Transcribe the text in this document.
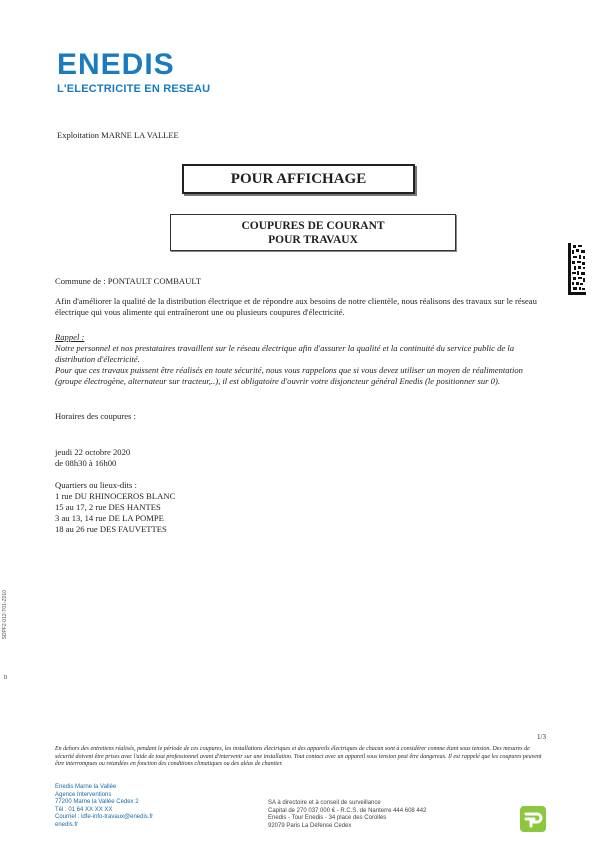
ENEDIS
L'ELECTRICITE EN RESEAU
Exploitation MARNE LA VALLEE
POUR AFFICHAGE
COUPURES DE COURANT
POUR TRAVAUX
Commune de : PONTAULT COMBAULT
Afin d'améliorer la qualité de la distribution électrique et de répondre aux besoins de notre clientèle, nous réalisons des travaux sur le réseau électrique qui vous alimente qui entraîneront une ou plusieurs coupures d'électricité.
Rappel :
Notre personnel et nos prestataires travaillent sur le réseau électrique afin d'assurer la qualité et la continuité du service public de la distribution d'électricité.
Pour que ces travaux puissent être réalisés en toute sécurité, nous vous rappelons que si vous devez utiliser un moyen de réalimentation (groupe électrogène, alternateur sur tracteur,..), il est obligatoire d'ouvrir votre disjoncteur général Enedis (le positionner sur 0).
Horaires des coupures :
jeudi 22 octobre 2020
de 08h30 à 16h00
Quartiers ou lieux-dits :
1 rue DU RHINOCEROS BLANC
15 au 17, 2 rue DES HANTES
3 au 13, 14 rue DE LA POMPE
18 au 26 rue DES FAUVETTES
SDPF2-012-T01-Z010
b
1/3
En dehors des entretiens réalisés, pendant le période de ces coupures, les installations électriques et des appareils électriques de chacun sont à considérer comme étant sous tension. Des mesures de sécurité doivent être prises avec l'aide de tout professionnel avant d'intervenir sur une installation. Tout contact avec un appareil sous tension peut être dangereux. Il est rappelé que les coupures peuvent être interrompues ou retardées en fonction des conditions climatiques ou des aléas de chantier.
Enedis Marne la Vallée
Agence Interventions
77200 Marne la Vallée Cedex 2
Tél : 01 64 XX XX XX
Courriel : idfe-info-travaux@enedis.fr
enedis.fr
SA à directoire et à conseil de surveillance
Capital de 270 037 000 € - R.C.S. de Nanterre 444 608 442
Enedis - Tour Enedis - 34 place des Corolles
92079 Paris La Défense Cedex
